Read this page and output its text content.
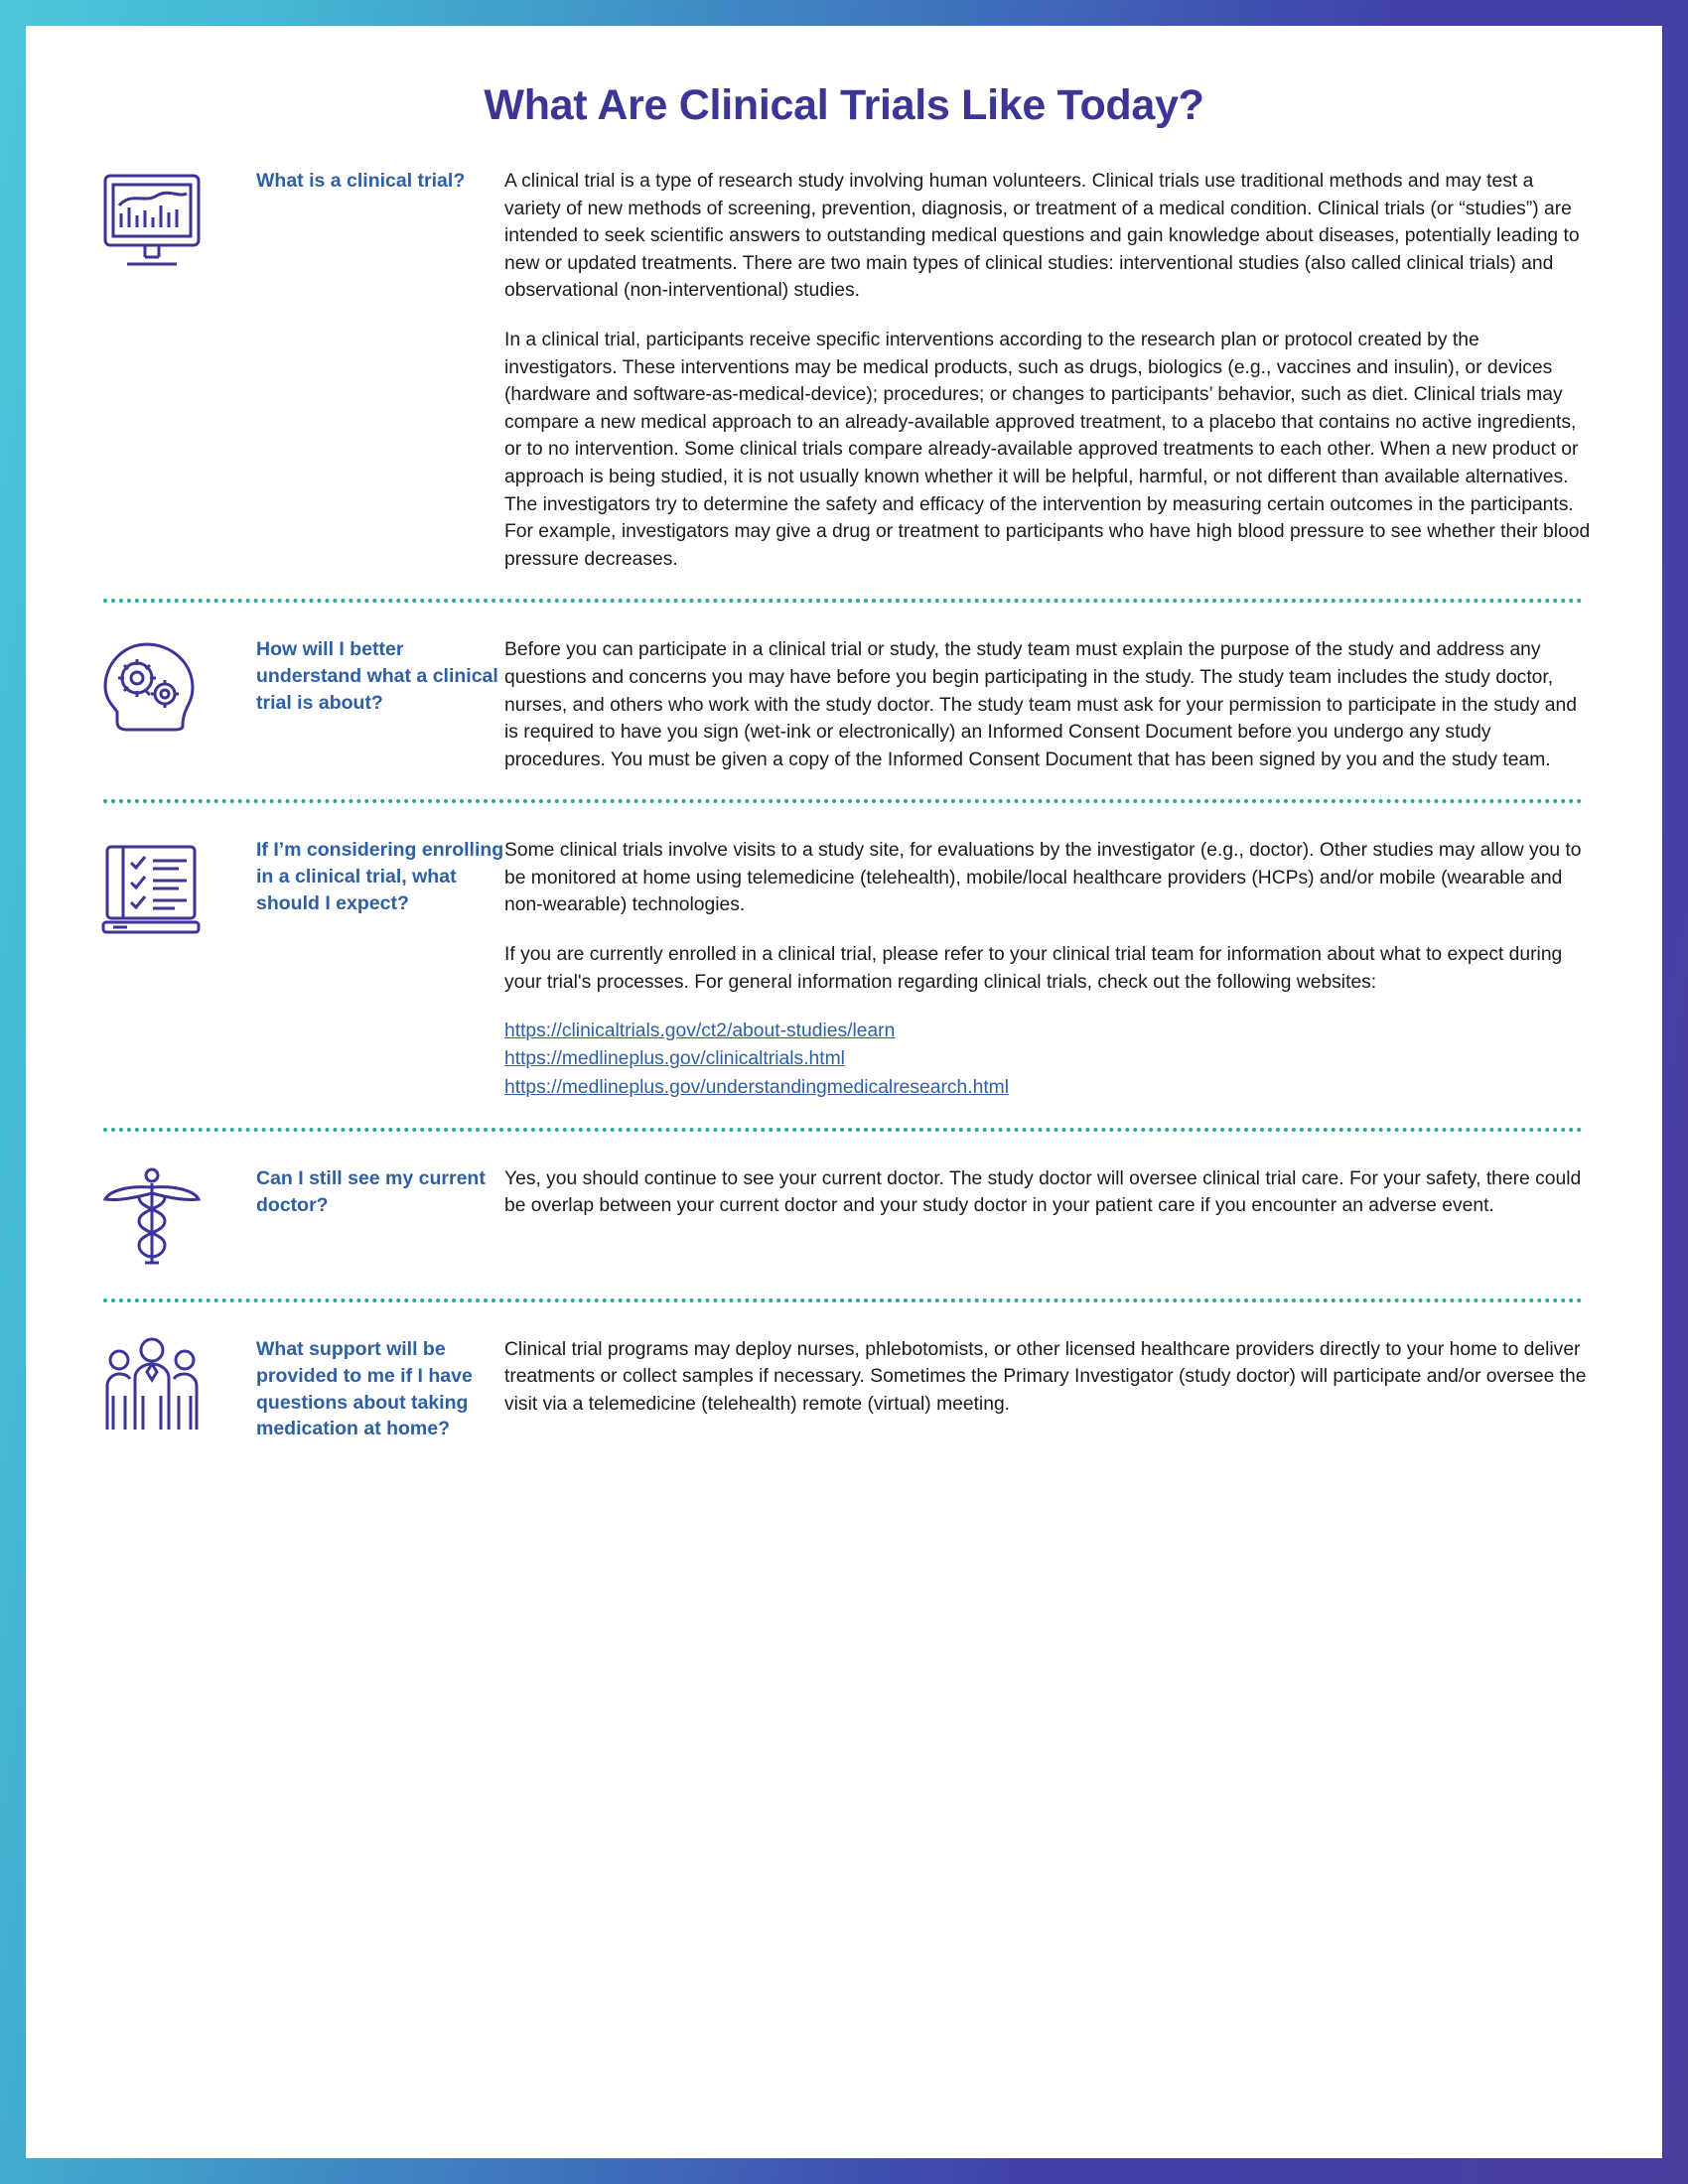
What Are Clinical Trials Like Today?
What is a clinical trial?	A clinical trial is a type of research study involving human volunteers. Clinical trials use traditional methods and may test a variety of new methods of screening, prevention, diagnosis, or treatment of a medical condition. Clinical trials (or “studies”) are intended to seek scientific answers to outstanding medical questions and gain knowledge about diseases, potentially leading to new or updated treatments. There are two main types of clinical studies: interventional studies (also called clinical trials) and observational (non-interventional) studies.

In a clinical trial, participants receive specific interventions according to the research plan or protocol created by the investigators. These interventions may be medical products, such as drugs, biologics (e.g., vaccines and insulin), or devices (hardware and software-as-medical-device); procedures; or changes to participants’ behavior, such as diet. Clinical trials may compare a new medical approach to an already-available approved treatment, to a placebo that contains no active ingredients, or to no intervention. Some clinical trials compare already-available approved treatments to each other. When a new product or approach is being studied, it is not usually known whether it will be helpful, harmful, or not different than available alternatives. The investigators try to determine the safety and efficacy of the intervention by measuring certain outcomes in the participants. For example, investigators may give a drug or treatment to participants who have high blood pressure to see whether their blood pressure decreases.

How will I better understand what a clinical trial is about?

Before you can participate in a clinical trial or study, the study team must explain the purpose of the study and address any questions and concerns you may have before you begin participating in the study. The study team includes the study doctor, nurses, and others who work with the study doctor. The study team must ask for your permission to participate in the study and is required to have you sign (wet-ink or electronically) an Informed Consent Document before you undergo any study procedures. You must be given a copy of the Informed Consent Document that has been signed by you and the study team.

If I’m considering enrolling in a clinical trial, what should I expect?

Some clinical trials involve visits to a study site, for evaluations by the investigator (e.g., doctor). Other studies may allow you to be monitored at home using telemedicine (telehealth), mobile/local healthcare providers (HCPs) and/or mobile (wearable and non-wearable) technologies.

If you are currently enrolled in a clinical trial, please refer to your clinical trial team for information about what to expect during your trial's processes. For general information regarding clinical trials, check out the following websites:

https://clinicaltrials.gov/ct2/about-studies/learn
https://medlineplus.gov/clinicaltrials.html
https://medlineplus.gov/understandingmedicalresearch.html
Can I still see my current doctor?

Yes, you should continue to see your current doctor. The study doctor will oversee clinical trial care. For your safety, there could be overlap between your current doctor and your study doctor in your patient care if you encounter an adverse event.

What support will be provided to me if I have questions about taking medication at home?

Clinical trial programs may deploy nurses, phlebotomists, or other licensed healthcare providers directly to your home to deliver treatments or collect samples if necessary. Sometimes the Primary Investigator (study doctor) will participate and/or oversee the visit via a telemedicine (telehealth) remote (virtual) meeting.
